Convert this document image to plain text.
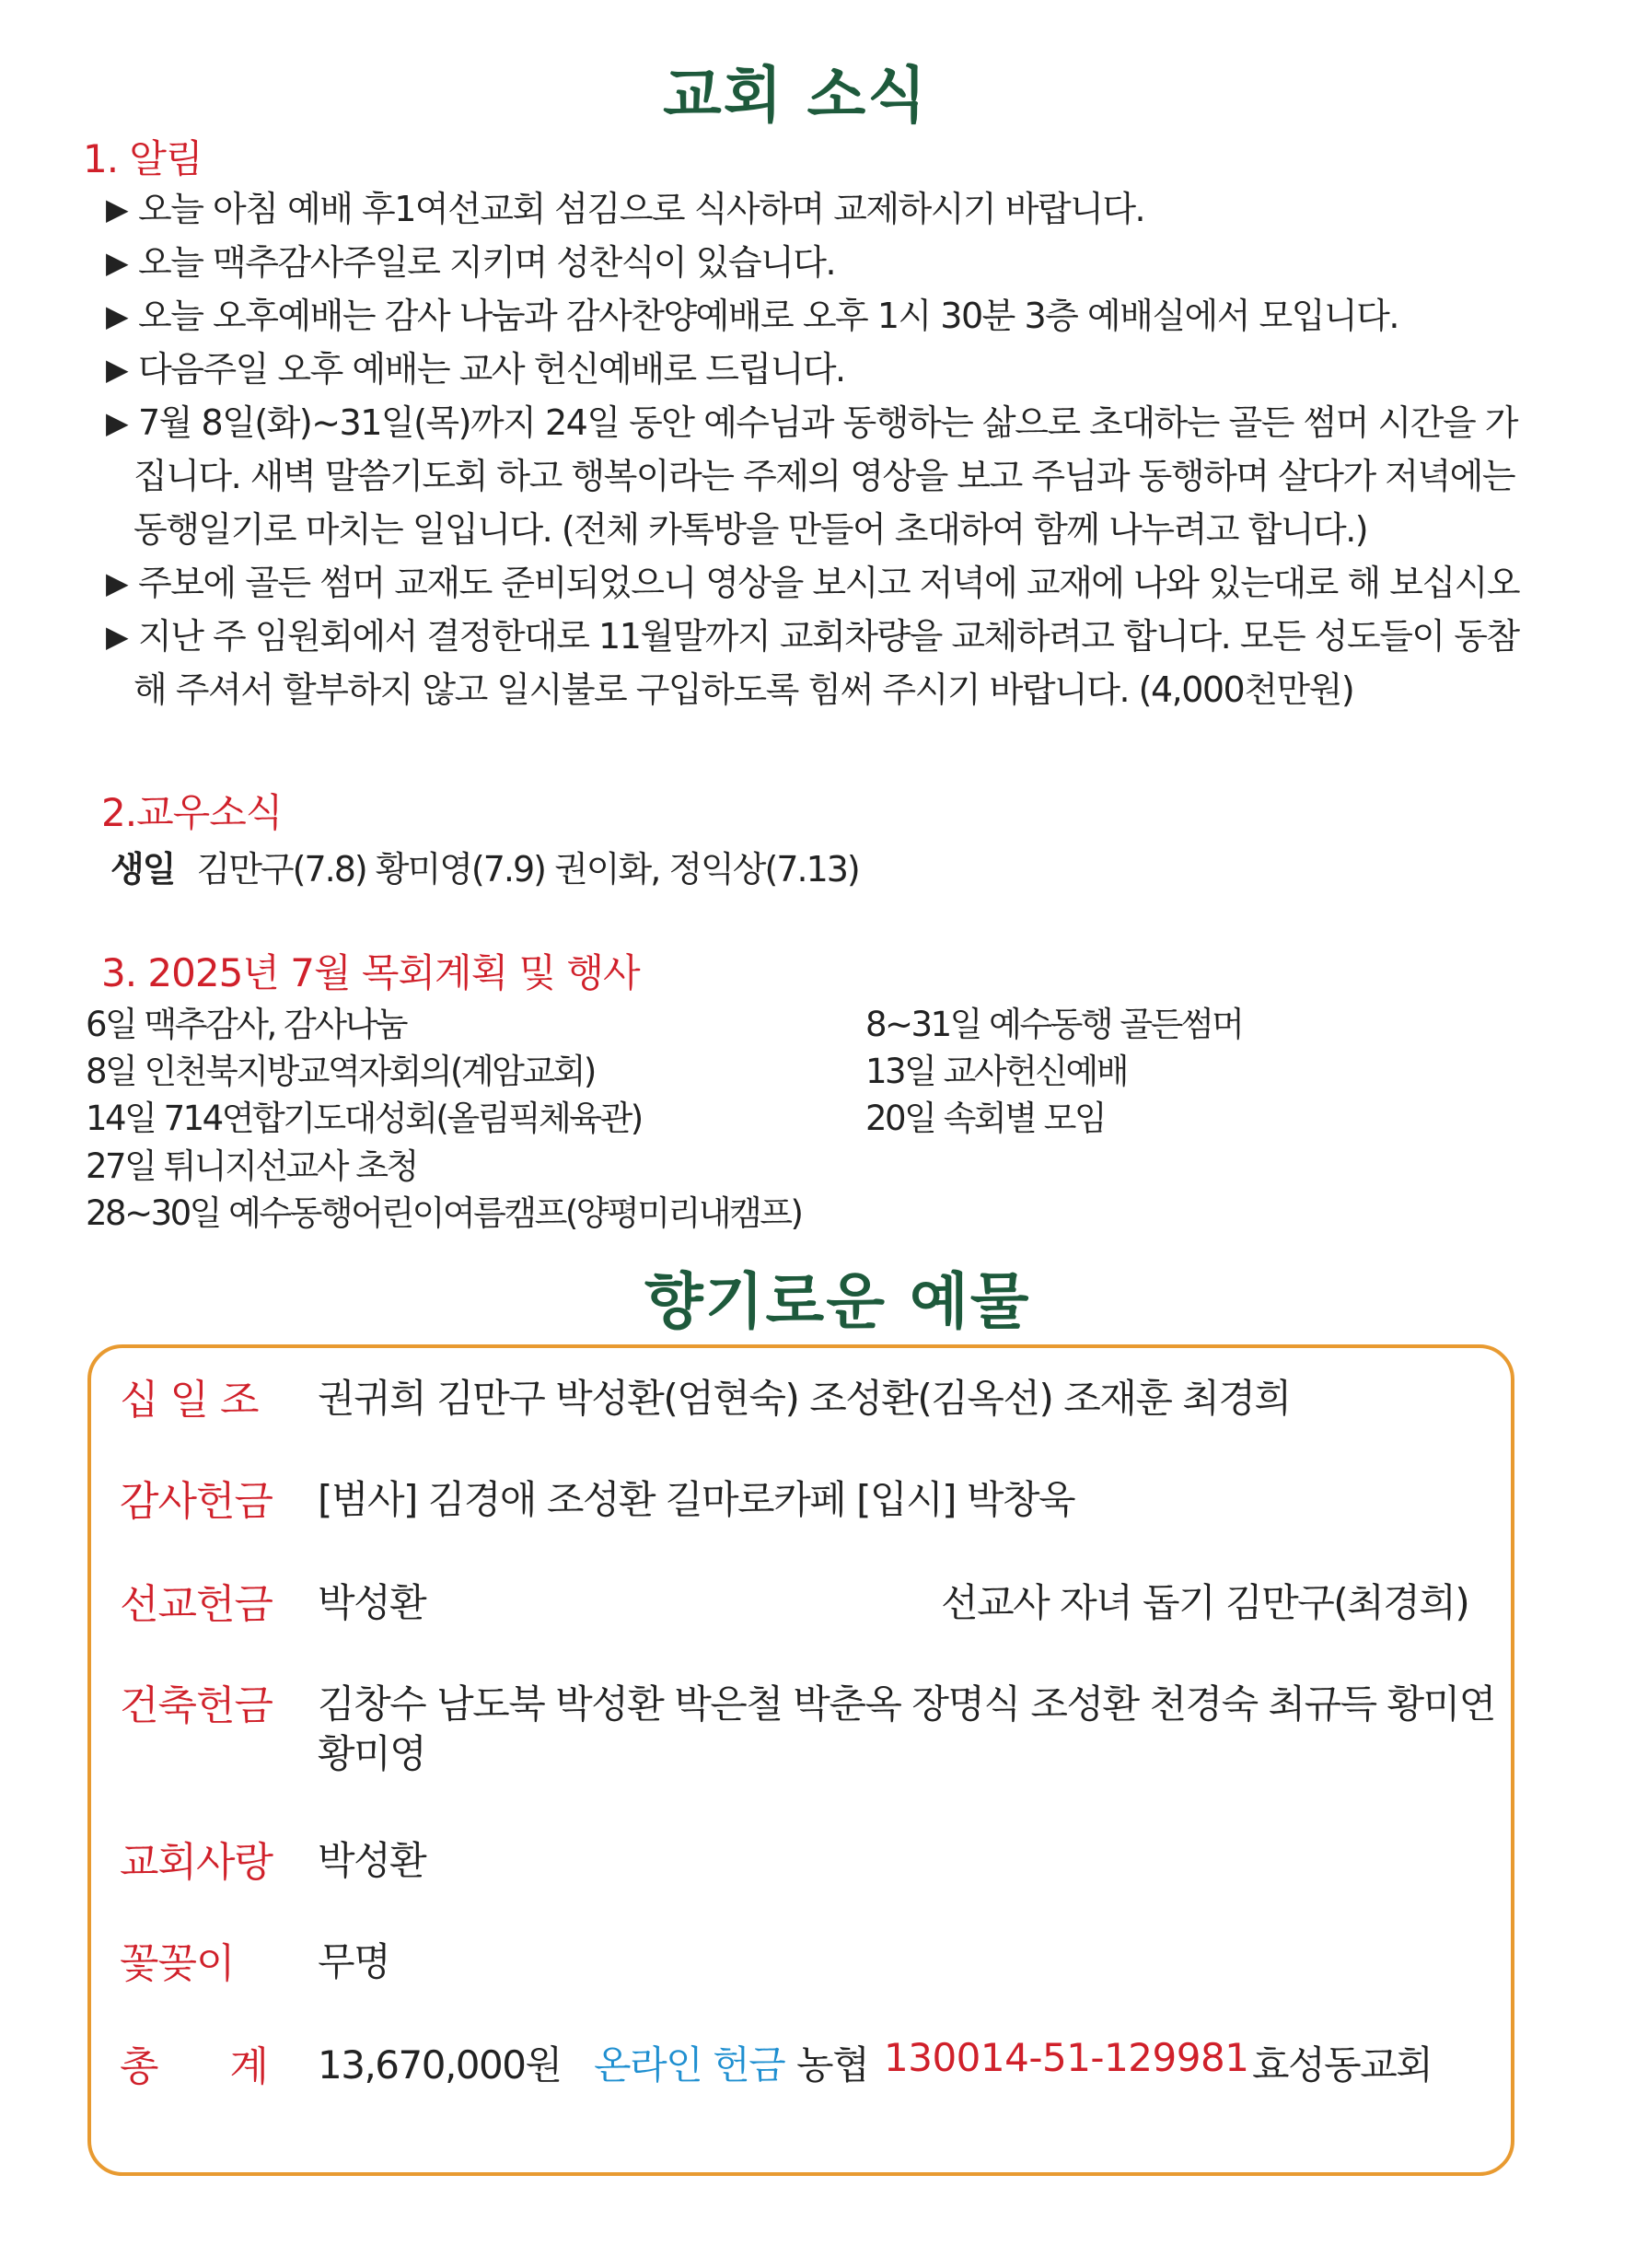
교회 소식
1. 알림
▶ 오늘 아침 예배 후1여선교회 섬김으로 식사하며 교제하시기 바랍니다.
▶ 오늘 맥추감사주일로 지키며 성찬식이 있습니다.
▶ 오늘 오후예배는 감사 나눔과 감사찬양예배로 오후 1시 30분 3층 예배실에서 모입니다.
▶ 다음주일 오후 예배는 교사 헌신예배로 드립니다.
▶ 7월 8일(화)~31일(목)까지 24일 동안 예수님과 동행하는 삶으로 초대하는 골든 썸머 시간을 가
집니다. 새벽 말씀기도회 하고 행복이라는 주제의 영상을 보고 주님과 동행하며 살다가 저녁에는
동행일기로 마치는 일입니다. (전체 카톡방을 만들어 초대하여 함께 나누려고 합니다.)
▶ 주보에 골든 썸머 교재도 준비되었으니 영상을 보시고 저녁에 교재에 나와 있는대로 해 보십시오
▶ 지난 주 임원회에서 결정한대로 11월말까지 교회차량을 교체하려고 합니다. 모든 성도들이 동참
해 주셔서 할부하지 않고 일시불로 구입하도록 힘써 주시기 바랍니다. (4,000천만원)
2.교우소식
생일 김만구(7.8) 황미영(7.9) 권이화, 정익상(7.13)
3. 2025년 7월 목회계획 및 행사
6일 맥추감사, 감사나눔
8일 인천북지방교역자회의(계암교회)
14일 714연합기도대성회(올림픽체육관)
27일 튀니지선교사 초청
28~30일 예수동행어린이여름캠프(양평미리내캠프)
8~31일 예수동행 골든썸머
13일 교사헌신예배
20일 속회별 모임
향기로운 예물
십 일 조 권귀희 김만구 박성환(엄현숙) 조성환(김옥선) 조재훈 최경희
감사헌금 [범사] 김경애 조성환 길마로카페 [입시] 박창욱
선교헌금 박성환	선교사 자녀 돕기 김만구(최경희)
건축헌금 김창수 남도북 박성환 박은철 박춘옥 장명식 조성환 천경숙 최규득 황미연
황미영
교회사랑 박성환
꽃꽂이 무명
총      계 13,670,000원 온라인 헌금 농협 130014-51-129981 효성동교회
